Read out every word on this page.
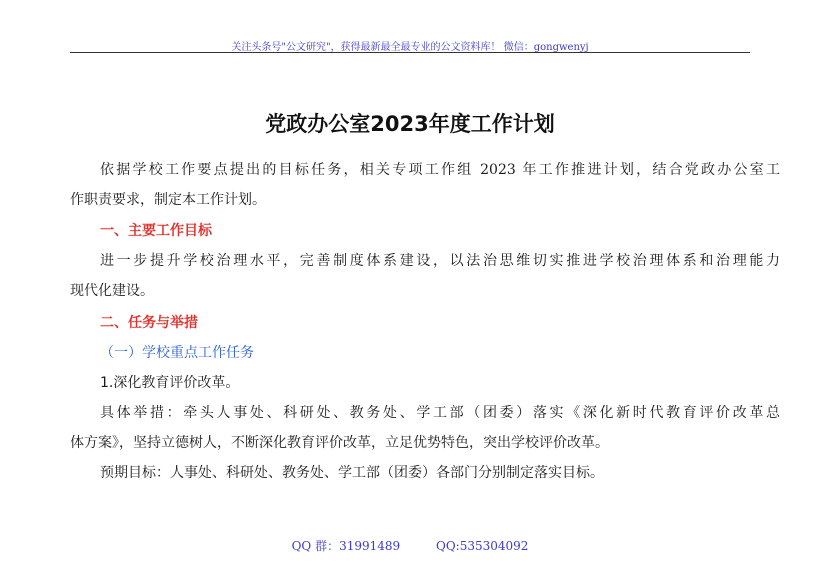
关注头条号"公文研究"，获得最新最全最专业的公文资料库！ 微信：gongwenyj
党政办公室2023年度工作计划
依据学校工作要点提出的目标任务，相关专项工作组 2023 年工作推进计划，结合党政办公室工
作职责要求，制定本工作计划。
一、主要工作目标
进一步提升学校治理水平，完善制度体系建设，以法治思维切实推进学校治理体系和治理能力
现代化建设。
二、任务与举措
（一）学校重点工作任务
1.深化教育评价改革。
具体举措：牵头人事处、科研处、教务处、学工部（团委）落实《深化新时代教育评价改革总
体方案》，坚持立德树人，不断深化教育评价改革，立足优势特色，突出学校评价改革。
预期目标：人事处、科研处、教务处、学工部（团委）各部门分别制定落实目标。
QQ 群：31991489	QQ:535304092
